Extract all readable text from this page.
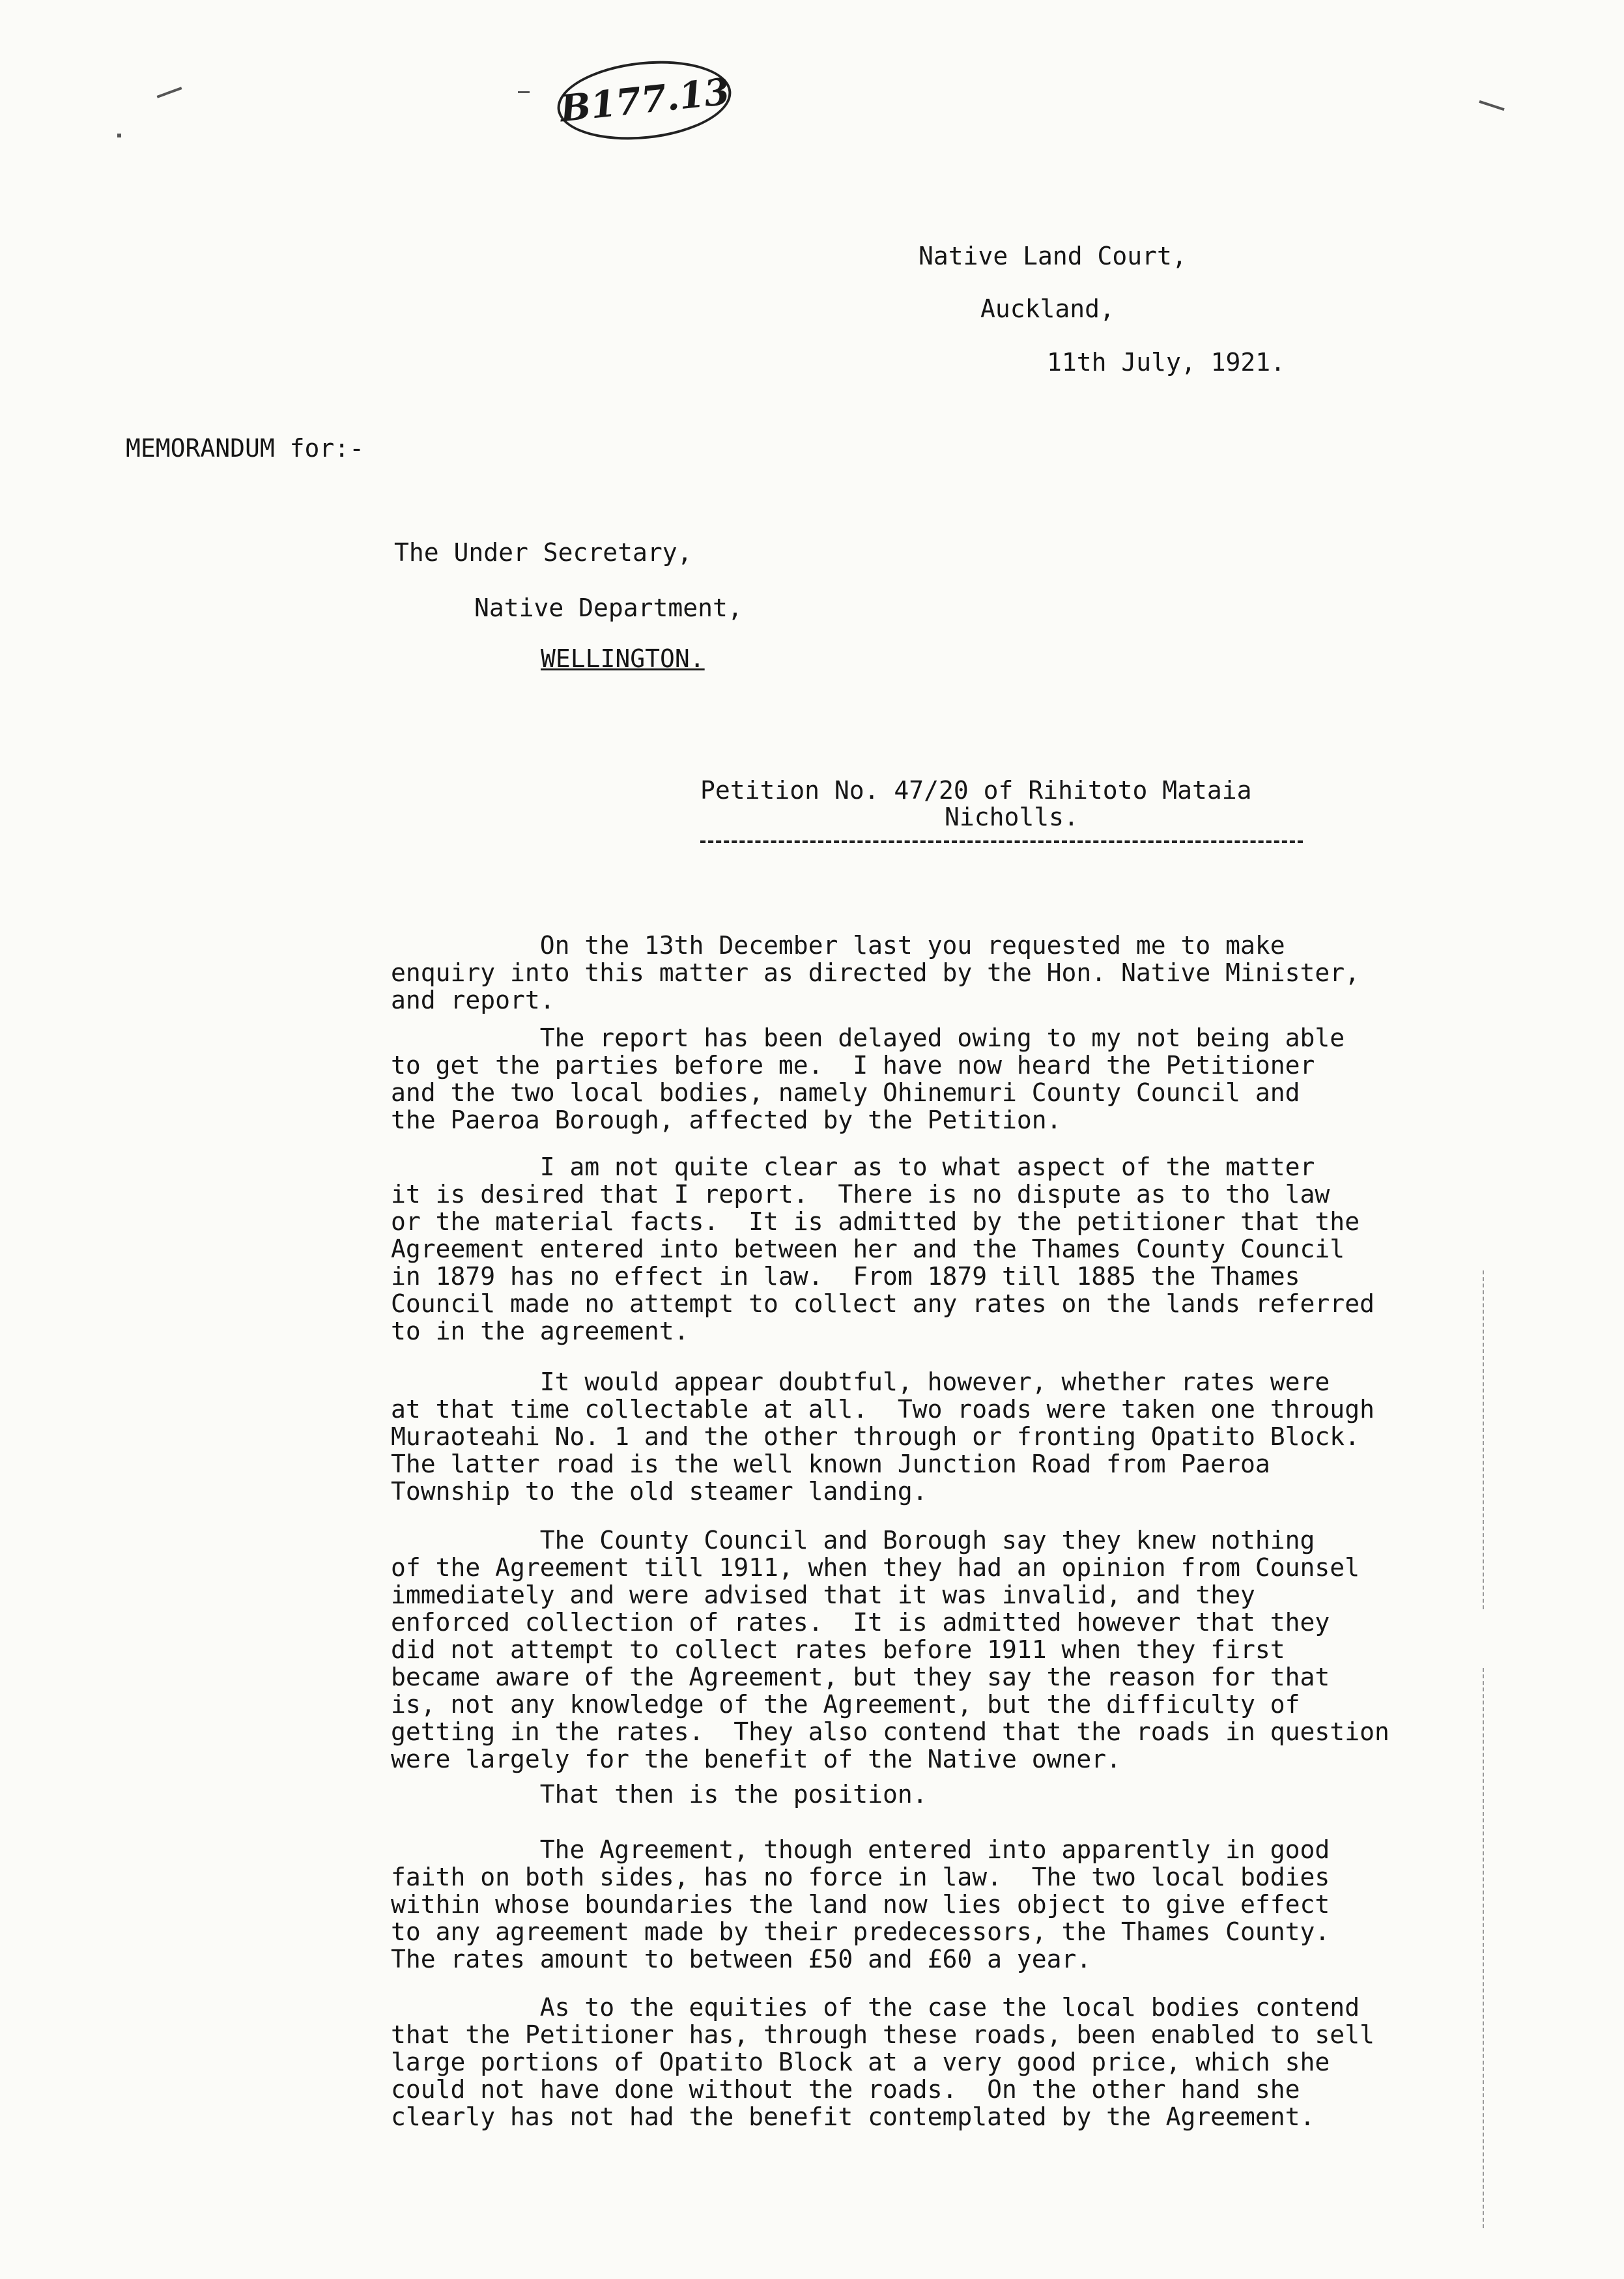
B177.13
Native Land Court,
Auckland,
11th July, 1921.
MEMORANDUM for:-
The Under Secretary,
Native Department,
WELLINGTON.
Petition No. 47/20 of Rihitoto Mataia
Nicholls.
On the 13th December last you requested me to make
enquiry into this matter as directed by the Hon. Native Minister,
and report.
The report has been delayed owing to my not being able
to get the parties before me.  I have now heard the Petitioner
and the two local bodies, namely Ohinemuri County Council and
the Paeroa Borough, affected by the Petition.
I am not quite clear as to what aspect of the matter
it is desired that I report.  There is no dispute as to tho law
or the material facts.  It is admitted by the petitioner that the
Agreement entered into between her and the Thames County Council
in 1879 has no effect in law.  From 1879 till 1885 the Thames
Council made no attempt to collect any rates on the lands referred
to in the agreement.
It would appear doubtful, however, whether rates were
at that time collectable at all.  Two roads were taken one through
Muraoteahi No. 1 and the other through or fronting Opatito Block.
The latter road is the well known Junction Road from Paeroa
Township to the old steamer landing.
The County Council and Borough say they knew nothing
of the Agreement till 1911, when they had an opinion from Counsel
immediately and were advised that it was invalid, and they
enforced collection of rates.  It is admitted however that they
did not attempt to collect rates before 1911 when they first
became aware of the Agreement, but they say the reason for that
is, not any knowledge of the Agreement, but the difficulty of
getting in the rates.  They also contend that the roads in question
were largely for the benefit of the Native owner.
That then is the position.
The Agreement, though entered into apparently in good
faith on both sides, has no force in law.  The two local bodies
within whose boundaries the land now lies object to give effect
to any agreement made by their predecessors, the Thames County.
The rates amount to between £50 and £60 a year.
As to the equities of the case the local bodies contend
that the Petitioner has, through these roads, been enabled to sell
large portions of Opatito Block at a very good price, which she
could not have done without the roads.  On the other hand she
clearly has not had the benefit contemplated by the Agreement.
